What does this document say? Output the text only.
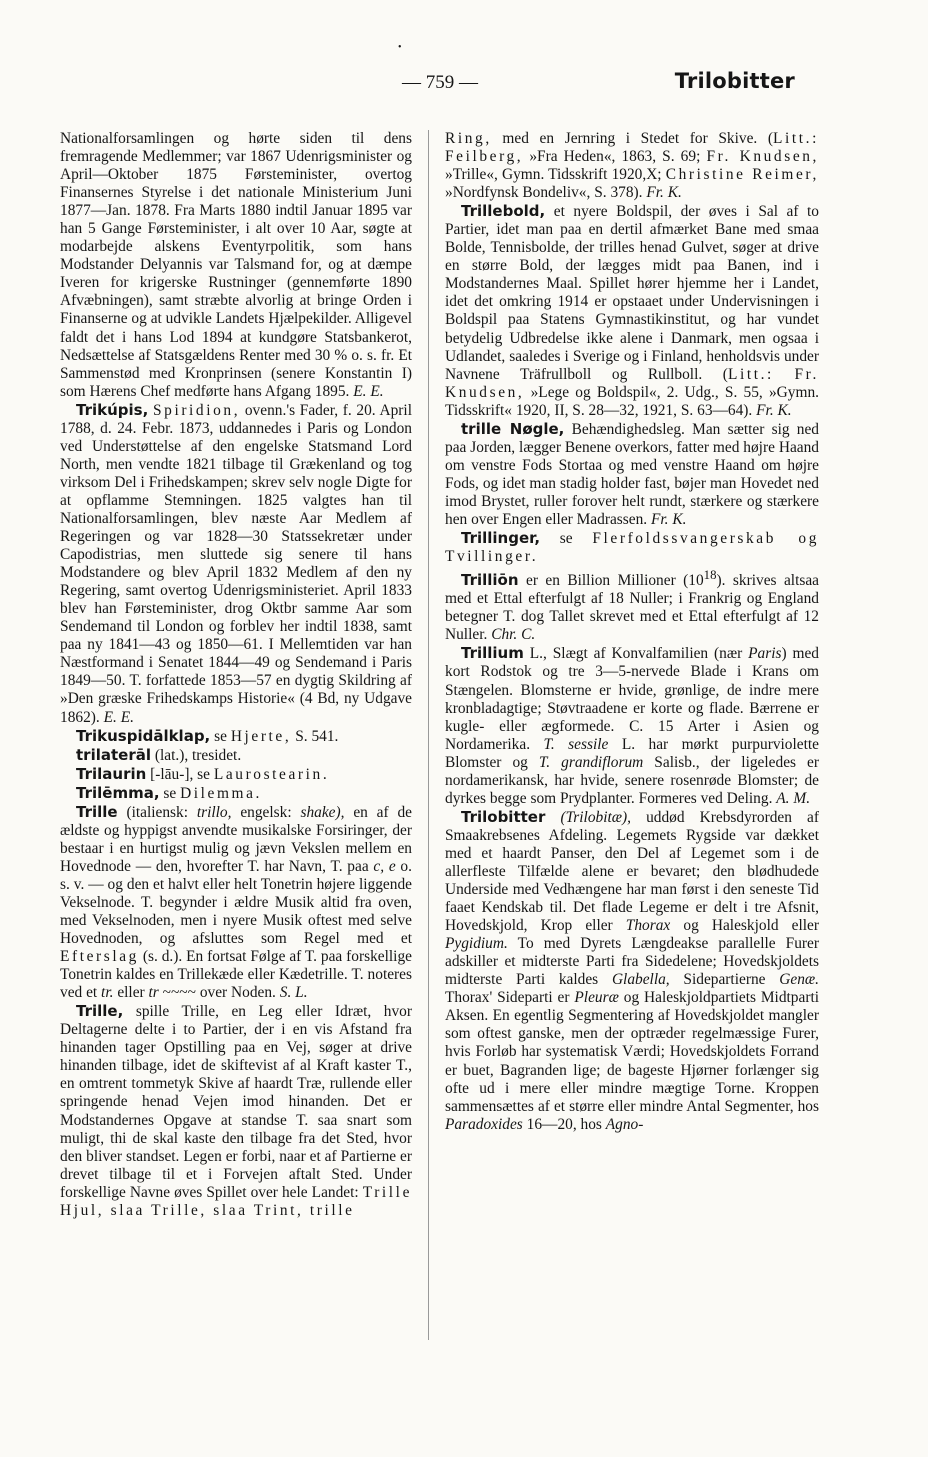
•
— 759 —	Trilobitter

Nationalforsamlingen og hørte siden til dens fremragende Medlemmer; var 1867 Udenrigsminister og April—Oktober 1875 Førsteminister, overtog Finansernes Styrelse i det nationale Ministerium Juni 1877—Jan. 1878. Fra Marts 1880 indtil Januar 1895 var han 5 Gange Førsteminister, i alt over 10 Aar, søgte at modarbejde alskens Eventyrpolitik, som hans Modstander Delyannis var Talsmand for, og at dæmpe Iveren for krigerske Rustninger (gennemførte 1890 Afvæbningen), samt stræbte alvorlig at bringe Orden i Finanserne og at udvikle Landets Hjælpekilder. Alligevel faldt det i hans Lod 1894 at kundgøre Statsbankerot, Nedsættelse af Statsgældens Renter med 30 % o. s. fr. Et Sammenstød med Kronprinsen (senere Konstantin I) som Hærens Chef medførte hans Afgang 1895. E. E.

Trikúpis, Spiridion, ovenn.'s Fader, f. 20. April 1788, d. 24. Febr. 1873, uddannedes i Paris og London ved Understøttelse af den engelske Statsmand Lord North, men vendte 1821 tilbage til Grækenland og tog virksom Del i Frihedskampen; skrev selv nogle Digte for at opflamme Stemningen. 1825 valgtes han til Nationalforsamlingen, blev næste Aar Medlem af Regeringen og var 1828—30 Statssekretær under Capodistrias, men sluttede sig senere til hans Modstandere og blev April 1832 Medlem af den ny Regering, samt overtog Udenrigsministeriet. April 1833 blev han Førsteminister, drog Oktbr samme Aar som Sendemand til London og forblev her indtil 1838, samt paa ny 1841—43 og 1850—61. I Mellemtiden var han Næstformand i Senatet 1844—49 og Sendemand i Paris 1849—50. T. forfattede 1853—57 en dygtig Skildring af »Den græske Frihedskamps Historie« (4 Bd, ny Udgave 1862). E. E.

Trikuspidālklap, se Hjerte, S. 541.

trilaterāl (lat.), tresidet.

Trilaurin [-lāu-], se Laurostearin.

Trilēmma, se Dilemma.

Trille (italiensk: trillo, engelsk: shake), en af de ældste og hyppigst anvendte musikalske Forsiringer, der bestaar i en hurtigst mulig og jævn Vekslen mellem en Hovednode — den, hvorefter T. har Navn, T. paa c, e o. s. v. — og den et halvt eller helt Tonetrin højere liggende Vekselnode. T. begynder i ældre Musik altid fra oven, med Vekselnoden, men i nyere Musik oftest med selve Hovednoden, og afsluttes som Regel med et Efterslag (s. d.). En fortsat Følge af T. paa forskellige Tonetrin kaldes en Trillekæde eller Kædetrille. T. noteres ved et tr. eller tr ~~~~ over Noden. S. L.

Trille, spille Trille, en Leg eller Idræt, hvor Deltagerne delte i to Partier, der i en vis Afstand fra hinanden tager Opstilling paa en Vej, søger at drive hinanden tilbage, idet de skiftevist af al Kraft kaster T., en omtrent tommetyk Skive af haardt Træ, rullende eller springende henad Vejen imod hinanden. Det er Modstandernes Opgave at standse T. saa snart som muligt, thi de skal kaste den tilbage fra det Sted, hvor den bliver standset. Legen er forbi, naar et af Partierne er drevet tilbage til et i Forvejen aftalt Sted. Under forskellige Navne øves Spillet over hele Landet: Trille Hjul, slaa Trille, slaa Trint, trille

Ring, med en Jernring i Stedet for Skive. (Litt.: Feilberg, »Fra Heden«, 1863, S. 69; Fr. Knudsen, »Trille«, Gymn. Tidsskrift 1920,X; Christine Reimer, »Nordfynsk Bondeliv«, S. 378). Fr. K.

Trillebold, et nyere Boldspil, der øves i Sal af to Partier, idet man paa en dertil afmærket Bane med smaa Bolde, Tennisbolde, der trilles henad Gulvet, søger at drive en større Bold, der lægges midt paa Banen, ind i Modstandernes Maal. Spillet hører hjemme her i Landet, idet det omkring 1914 er opstaaet under Undervisningen i Boldspil paa Statens Gymnastikinstitut, og har vundet betydelig Udbredelse ikke alene i Danmark, men ogsaa i Udlandet, saaledes i Sverige og i Finland, henholdsvis under Navnene Träfrullboll og Rullboll. (Litt.: Fr. Knudsen, »Lege og Boldspil«, 2. Udg., S. 55, »Gymn. Tidsskrift« 1920, II, S. 28—32, 1921, S. 63—64). Fr. K.

trille Nøgle, Behændighedsleg. Man sætter sig ned paa Jorden, lægger Benene overkors, fatter med højre Haand om venstre Fods Stortaa og med venstre Haand om højre Fods, og idet man stadig holder fast, bøjer man Hovedet ned imod Brystet, ruller forover helt rundt, stærkere og stærkere hen over Engen eller Madrassen. Fr. K.

Trillinger, se Flerfoldssvangerskab og Tvillinger.

Trilliōn er en Billion Millioner $(10^{18})$. skrives altsaa med et Ettal efterfulgt af 18 Nuller; i Frankrig og England betegner T. dog Tallet skrevet med et Ettal efterfulgt af 12 Nuller. Chr. C.

Trillium L., Slægt af Konvalfamilien (nær Paris) med kort Rodstok og tre 3—5-nervede Blade i Krans om Stængelen. Blomsterne er hvide, grønlige, de indre mere kronbladagtige; Støvtraadene er korte og flade. Bærrene er kugle- eller ægformede. C. 15 Arter i Asien og Nordamerika. T. sessile L. har mørkt purpurviolette Blomster og T. grandiflorum Salisb., der ligeledes er nordamerikansk, har hvide, senere rosenrøde Blomster; de dyrkes begge som Prydplanter. Formeres ved Deling. A. M.

Trilobitter (Trilobitæ), uddød Krebsdyrorden af Smaakrebsenes Afdeling. Legemets Rygside var dækket med et haardt Panser, den Del af Legemet som i de allerfleste Tilfælde alene er bevaret; den blødhudede Underside med Vedhængene har man først i den seneste Tid faaet Kendskab til. Det flade Legeme er delt i tre Afsnit, Hovedskjold, Krop eller Thorax og Haleskjold eller Pygidium. To med Dyrets Længdeakse parallelle Furer adskiller et midterste Parti fra Sidedelene; Hovedskjoldets midterste Parti kaldes Glabella, Sidepartierne Genæ. Thorax' Sideparti er Pleuræ og Haleskjoldpartiets Midtparti Aksen. En egentlig Segmentering af Hovedskjoldet mangler som oftest ganske, men der optræder regelmæssige Furer, hvis Forløb har systematisk Værdi; Hovedskjoldets Forrand er buet, Bagranden lige; de bageste Hjørner forlænger sig ofte ud i mere eller mindre mægtige Torne. Kroppen sammensættes af et større eller mindre Antal Segmenter, hos Paradoxides 16—20, hos Agno-
